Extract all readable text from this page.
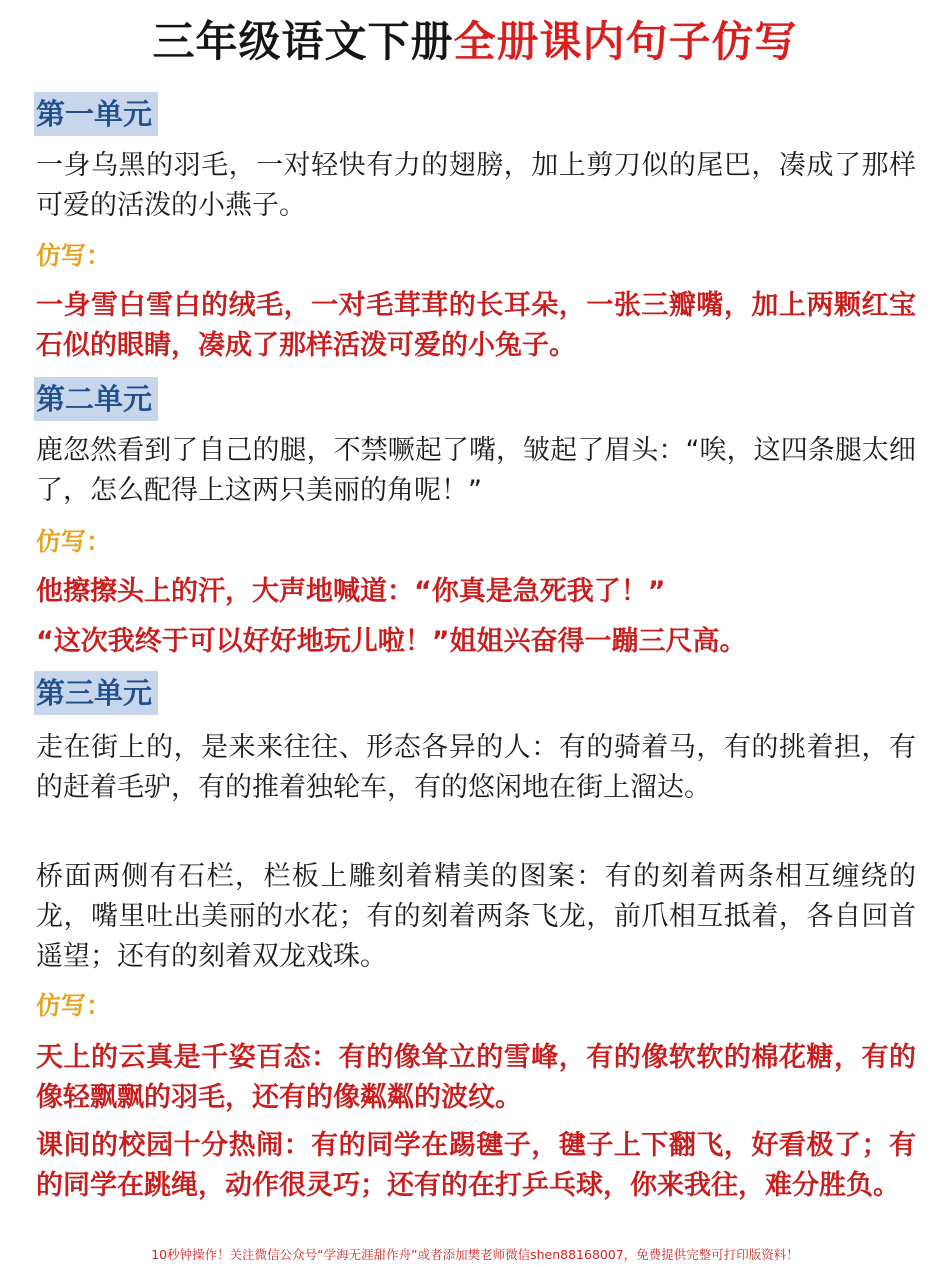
三年级语文下册全册课内句子仿写
第一单元

一身乌黑的羽毛，一对轻快有力的翅膀，加上剪刀似的尾巴，凑成了那样可爱的活泼的小燕子。

仿写：

一身雪白雪白的绒毛，一对毛茸茸的长耳朵，一张三瓣嘴，加上两颗红宝石似的眼睛，凑成了那样活泼可爱的小兔子。

第二单元

鹿忽然看到了自己的腿，不禁噘起了嘴，皱起了眉头：“唉，这四条腿太细了，怎么配得上这两只美丽的角呢！”

仿写：

他擦擦头上的汗，大声地喊道：“你真是急死我了！”

“这次我终于可以好好地玩儿啦！”姐姐兴奋得一蹦三尺高。

第三单元

走在街上的，是来来往往、形态各异的人：有的骑着马，有的挑着担，有的赶着毛驴，有的推着独轮车，有的悠闲地在街上溜达。

桥面两侧有石栏，栏板上雕刻着精美的图案：有的刻着两条相互缠绕的龙，嘴里吐出美丽的水花；有的刻着两条飞龙，前爪相互抵着，各自回首遥望；还有的刻着双龙戏珠。

仿写：

天上的云真是千姿百态：有的像耸立的雪峰，有的像软软的棉花糖，有的像轻飘飘的羽毛，还有的像粼粼的波纹。

课间的校园十分热闹：有的同学在踢毽子，毽子上下翻飞，好看极了；有的同学在跳绳，动作很灵巧；还有的在打乒乓球，你来我往，难分胜负。

10秒钟操作！关注微信公众号“学海无涯甜作舟”或者添加樊老师微信shen88168007，免费提供完整可打印版资料！
